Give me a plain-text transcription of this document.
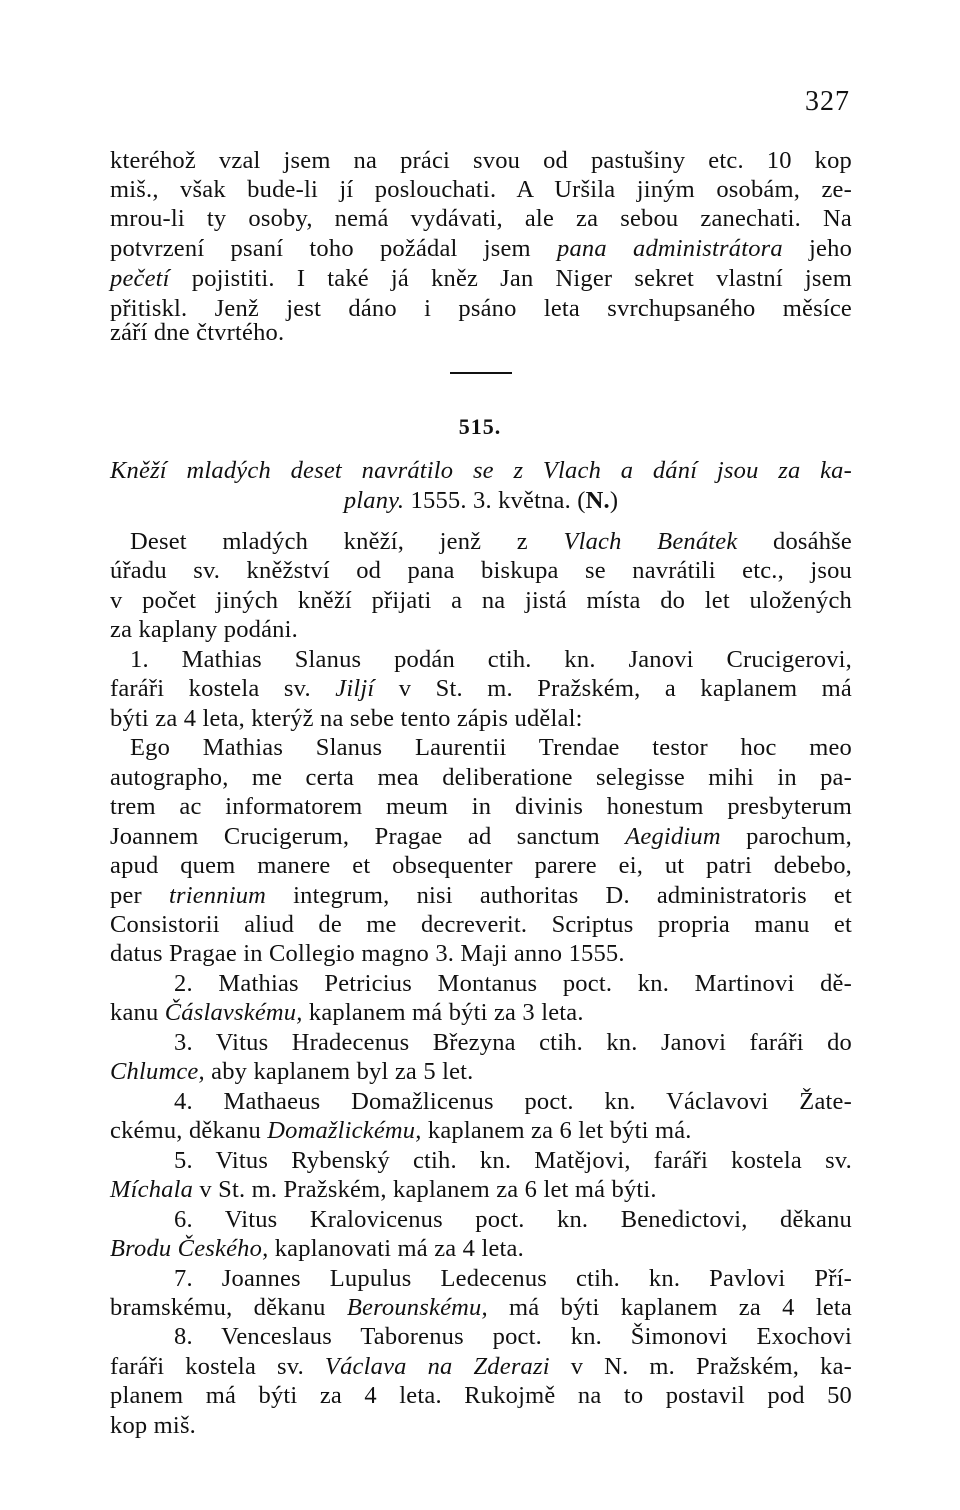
327
kteréhož vzal jsem na práci svou od pastušiny etc. 10 kop
miš., však bude-li jí poslouchati. A Uršila jiným osobám, ze-
mrou-li ty osoby, nemá vydávati, ale za sebou zanechati. Na
potvrzení psaní toho požádal jsem pana administrátora jeho
pečetí pojistiti. I také já kněz Jan Niger sekret vlastní jsem
přitiskl. Jenž jest dáno i psáno leta svrchupsaného měsíce
září dne čtvrtého.
515.
Kněží mladých deset navrátilo se z Vlach a dání jsou za ka-
plany. 1555. 3. května. (N.)
Deset mladých kněží, jenž z Vlach Benátek dosáhše
úřadu sv. kněžství od pana biskupa se navrátili etc., jsou
v počet jiných kněží přijati a na jistá místa do let uložených
za kaplany podáni.
1. Mathias Slanus podán ctih. kn. Janovi Crucigerovi,
faráři kostela sv. Jiljí v St. m. Pražském, a kaplanem má
býti za 4 leta, kterýž na sebe tento zápis udělal:
Ego Mathias Slanus Laurentii Trendae testor hoc meo
autographo, me certa mea deliberatione selegisse mihi in pa-
trem ac informatorem meum in divinis honestum presbyterum
Joannem Crucigerum, Pragae ad sanctum Aegidium parochum,
apud quem manere et obsequenter parere ei, ut patri debebo,
per triennium integrum, nisi authoritas D. administratoris et
Consistorii aliud de me decreverit. Scriptus propria manu et
datus Pragae in Collegio magno 3. Maji anno 1555.
2. Mathias Petricius Montanus poct. kn. Martinovi dě-
kanu Čáslavskému, kaplanem má býti za 3 leta.
3. Vitus Hradecenus Březyna ctih. kn. Janovi faráři do
Chlumce, aby kaplanem byl za 5 let.
4. Mathaeus Domažlicenus poct. kn. Václavovi Žate-
ckému, děkanu Domažlickému, kaplanem za 6 let býti má.
5. Vitus Rybenský ctih. kn. Matějovi, faráři kostela sv.
Míchala v St. m. Pražském, kaplanem za 6 let má býti.
6. Vitus Kralovicenus poct. kn. Benedictovi, děkanu
Brodu Českého, kaplanovati má za 4 leta.
7. Joannes Lupulus Ledecenus ctih. kn. Pavlovi Pří-
bramskému, děkanu Berounskému, má býti kaplanem za 4 leta
8. Venceslaus Taborenus poct. kn. Šimonovi Exochovi
faráři kostela sv. Václava na Zderazi v N. m. Pražském, ka-
planem má býti za 4 leta. Rukojmě na to postavil pod 50
kop miš.
